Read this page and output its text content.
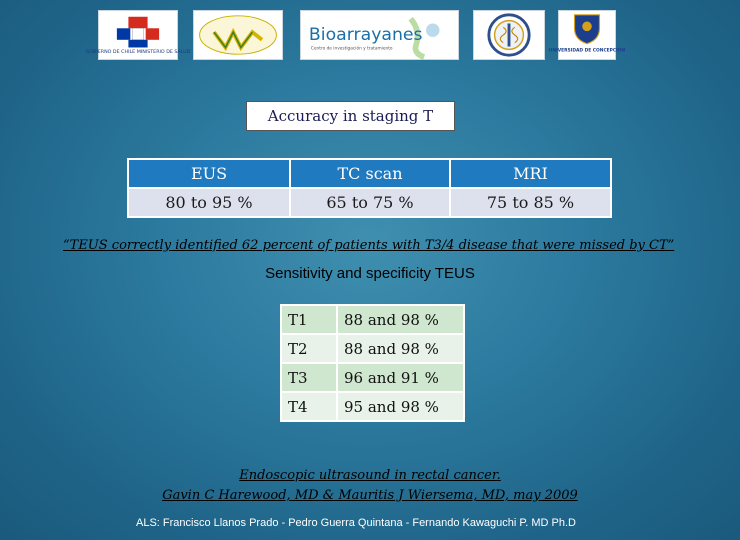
GOBIERNO DE CHILE MINISTERIO DE SALUD
Bioarrayanes
Centro de investigación y tratamiento	UNIVERSIDAD DE CONCEPCION
Accuracy in staging T
EUS	TC scan	MRI
80 to 95 %	65 to 75 %	75 to 85 %
“TEUS correctly identified 62 percent of patients with T3/4 disease that were missed by CT”
Sensitivity and specificity TEUS
T1	88 and 98 %
T2	88 and 98 %
T3	96 and 91 %
T4	95 and 98 %
Endoscopic ultrasound in rectal cancer.
Gavin C Harewood, MD & Mauritis J Wiersema, MD, may 2009
ALS: Francisco Llanos Prado - Pedro Guerra Quintana - Fernando Kawaguchi P. MD Ph.D
